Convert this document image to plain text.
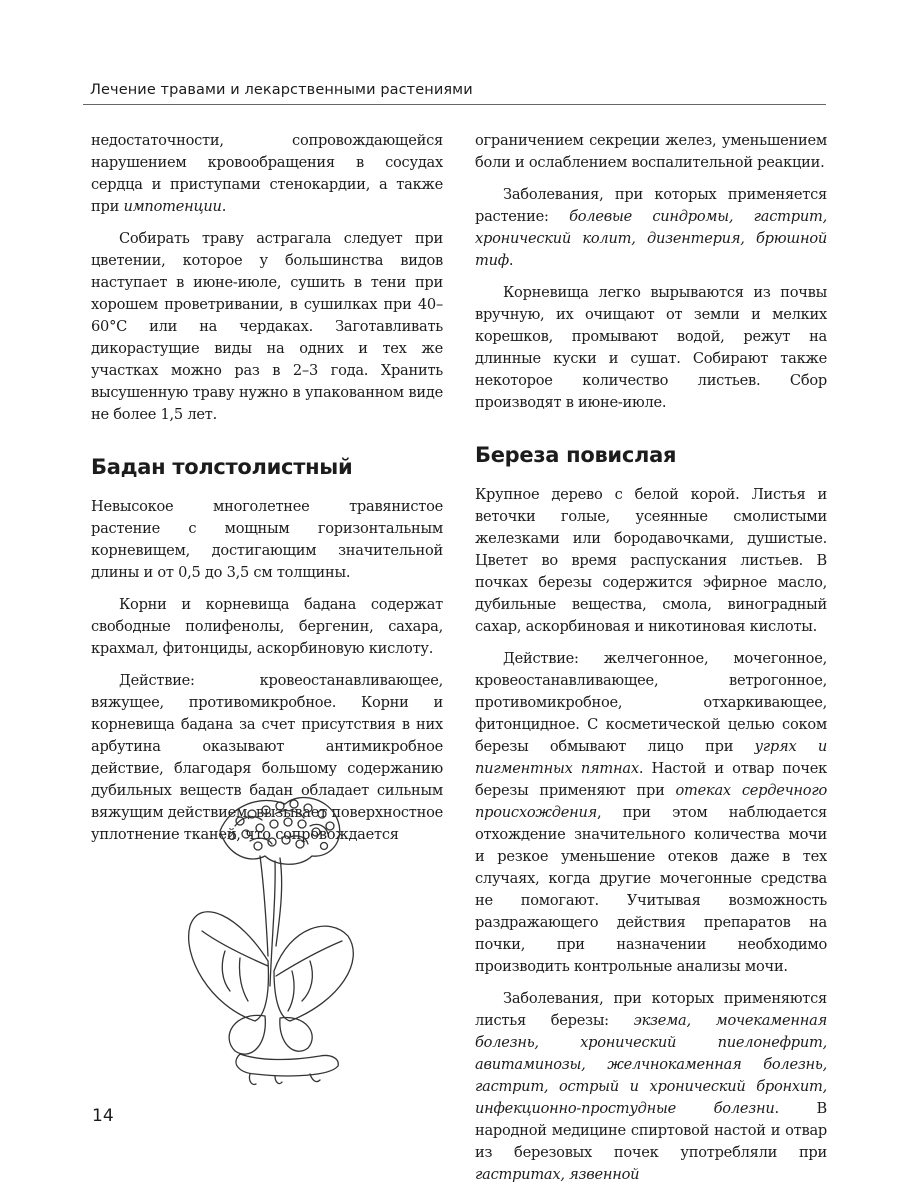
Лечение травами и лекарственными растениями

недостаточности, сопровождающейся нарушением кровообращения в сосудах сердца и приступами стенокардии, а также при импотенции.

Собирать траву астрагала следует при цветении, которое у большинства видов наступает в июне-июле, сушить в тени при хорошем проветривании, в сушилках при 40–60°С или на чердаках. Заготавливать дикорастущие виды на одних и тех же участках можно раз в 2–3 года. Хранить высушенную траву нужно в упакованном виде не более 1,5 лет.

Бадан толстолистный

Невысокое многолетнее травянистое растение с мощным горизонтальным корневищем, достигающим значительной длины и от 0,5 до 3,5 см толщины.

Корни и корневища бадана содержат свободные полифенолы, бергенин, сахара, крахмал, фитонциды, аскорбиновую кислоту.

Действие: кровеостанавливающее, вяжущее, противомикробное. Корни и корневища бадана за счет присутствия в них арбутина оказывают антимикробное действие, благодаря большому содержанию дубильных веществ бадан обладает сильным вяжущим действием, вызывает поверхностное уплотнение тканей, что сопровождается

ограничением секреции желез, уменьшением боли и ослаблением воспалительной реакции.

Заболевания, при которых применяется растение: болевые синдромы, гастрит, хронический колит, дизентерия, брюшной тиф.

Корневища легко вырываются из почвы вручную, их очищают от земли и мелких корешков, промывают водой, режут на длинные куски и сушат. Собирают также некоторое количество листьев. Сбор производят в июне-июле.

Береза повислая

Крупное дерево с белой корой. Листья и веточки голые, усеянные смолистыми железками или бородавочками, душистые. Цветет во время распускания листьев. В почках березы содержится эфирное масло, дубильные вещества, смола, виноградный сахар, аскорбиновая и никотиновая кислоты.

Действие: желчегонное, мочегонное, кровеостанавливающее, ветрогонное, противомикробное, отхаркивающее, фитонцидное. С косметической целью соком березы обмывают лицо при угрях и пигментных пятнах. Настой и отвар почек березы применяют при отеках сердечного происхождения, при этом наблюдается отхождение значительного количества мочи и резкое уменьшение отеков даже в тех случаях, когда другие мочегонные средства не помогают. Учитывая возможность раздражающего действия препаратов на почки, при назначении необходимо производить контрольные анализы мочи.

Заболевания, при которых применяются листья березы: экзема, мочекаменная болезнь, хронический пиелонефрит, авитаминозы, желчнокаменная болезнь, гастрит, острый и хронический бронхит, инфекционно-простудные болезни. В народной медицине спиртовой настой и отвар из березовых почек употребляли при гастритах, язвенной

14
